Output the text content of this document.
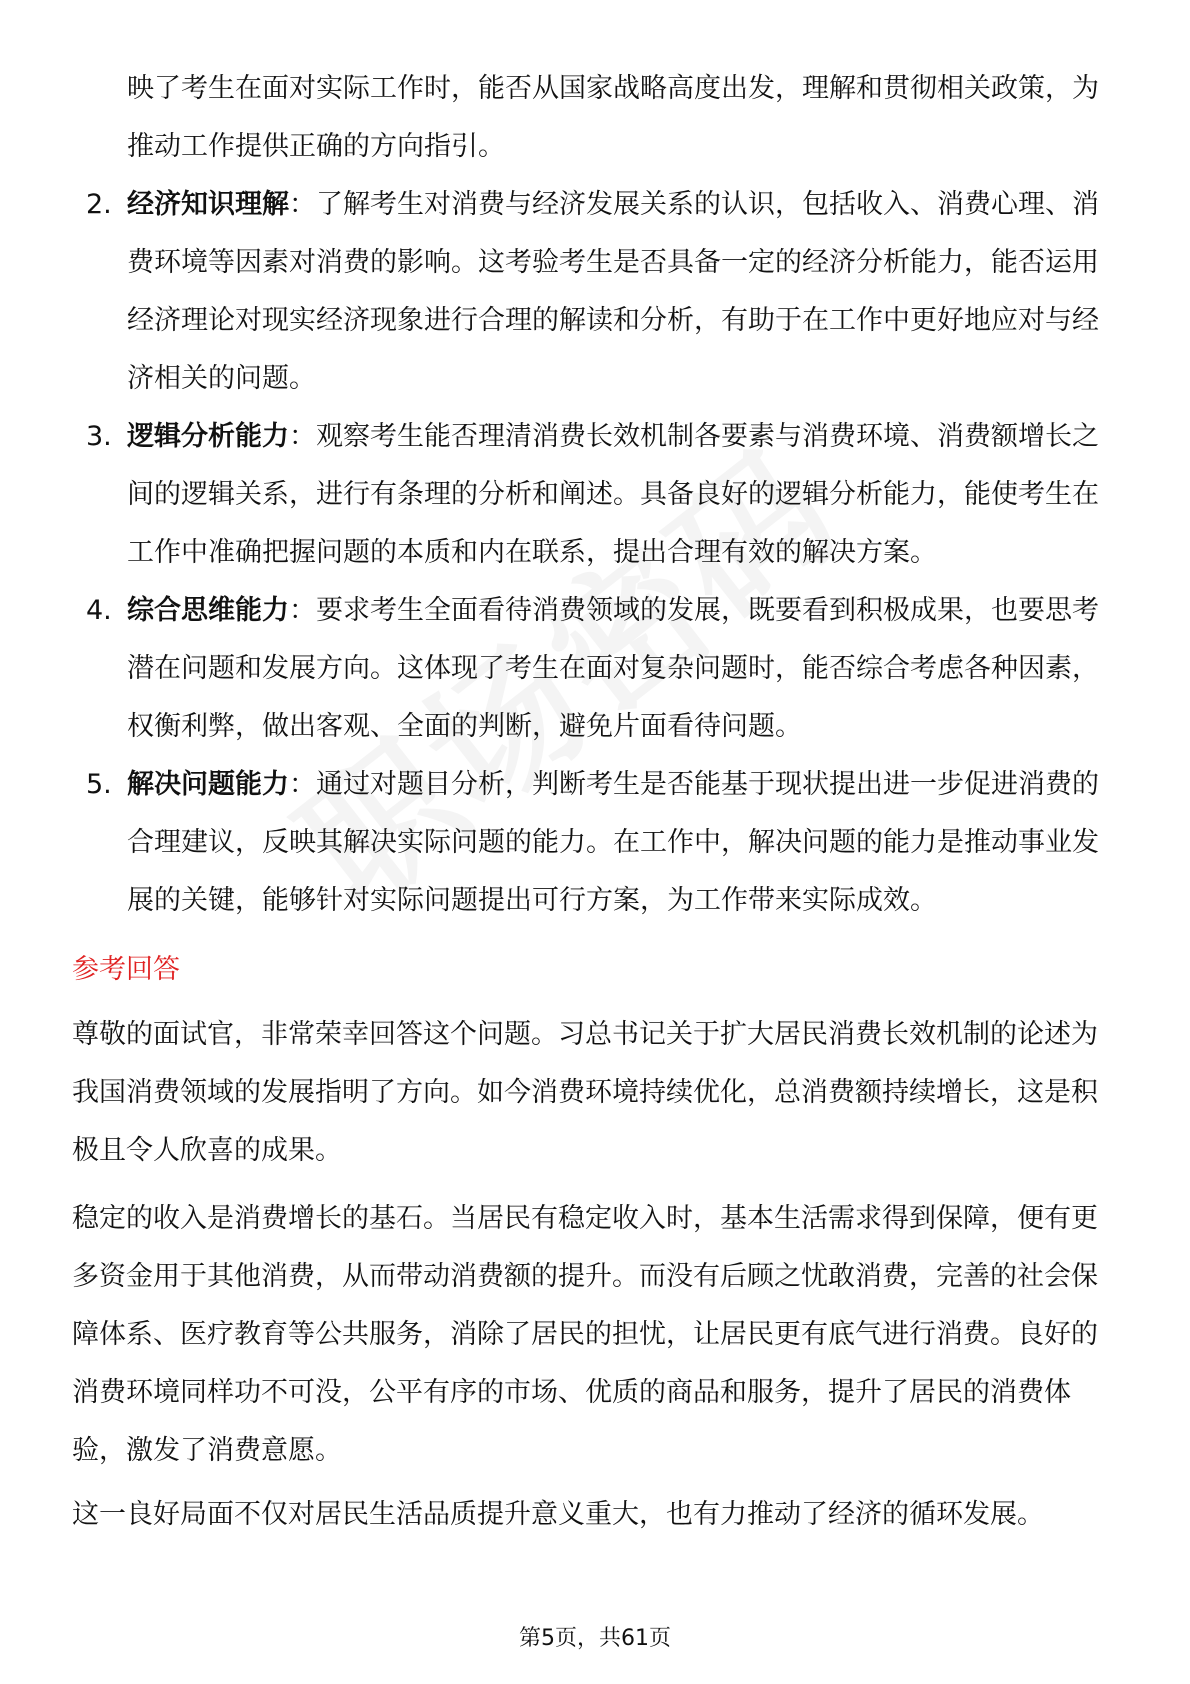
映了考生在面对实际工作时，能否从国家战略高度出发，理解和贯彻相关政策，为推动工作提供正确的方向指引。

2. 经济知识理解：了解考生对消费与经济发展关系的认识，包括收入、消费心理、消费环境等因素对消费的影响。这考验考生是否具备一定的经济分析能力，能否运用经济理论对现实经济现象进行合理的解读和分析，有助于在工作中更好地应对与经济相关的问题。
3. 逻辑分析能力：观察考生能否理清消费长效机制各要素与消费环境、消费额增长之间的逻辑关系，进行有条理的分析和阐述。具备良好的逻辑分析能力，能使考生在工作中准确把握问题的本质和内在联系，提出合理有效的解决方案。
4. 综合思维能力：要求考生全面看待消费领域的发展，既要看到积极成果，也要思考潜在问题和发展方向。这体现了考生在面对复杂问题时，能否综合考虑各种因素，权衡利弊，做出客观、全面的判断，避免片面看待问题。
5. 解决问题能力：通过对题目分析，判断考生是否能基于现状提出进一步促进消费的合理建议，反映其解决实际问题的能力。在工作中，解决问题的能力是推动事业发展的关键，能够针对实际问题提出可行方案，为工作带来实际成效。
参考回答

尊敬的面试官，非常荣幸回答这个问题。习总书记关于扩大居民消费长效机制的论述为我国消费领域的发展指明了方向。如今消费环境持续优化，总消费额持续增长，这是积极且令人欣喜的成果。

稳定的收入是消费增长的基石。当居民有稳定收入时，基本生活需求得到保障，便有更多资金用于其他消费，从而带动消费额的提升。而没有后顾之忧敢消费，完善的社会保障体系、医疗教育等公共服务，消除了居民的担忧，让居民更有底气进行消费。良好的消费环境同样功不可没，公平有序的市场、优质的商品和服务，提升了居民的消费体验，激发了消费意愿。

这一良好局面不仅对居民生活品质提升意义重大，也有力推动了经济的循环发展。

第5页，共61页
